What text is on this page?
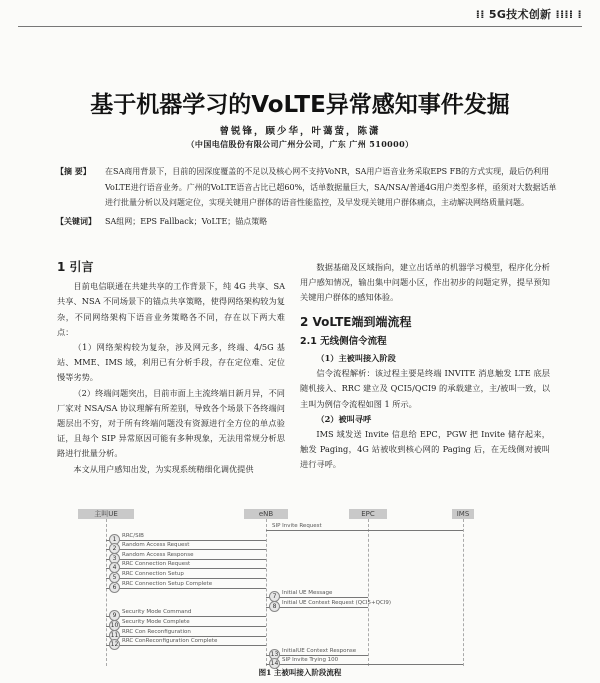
⁞⁞ 5G技术创新 ⁞⁞⁞⁞ ⁞
基于机器学习的VoLTE异常感知事件发掘
曾锐锋，顾少华，叶蔼萤，陈潇
（中国电信股份有限公司广州分公司，广东 广州 510000）
【摘 要】	在SA商用背景下，目前的因深度覆盖的不足以及核心网不支持VoNR，SA用户语音业务采取EPS FB的方式实现，最后仍利用VoLTE进行语音业务。广州的VoLTE语音占比已超60%，话单数据量巨大，SA/NSA/普通4G用户类型多样，亟须对大数据话单进行批量分析以及问题定位，实现关键用户群体的语音性能监控，及早发现关键用户群体痛点，主动解决网络质量问题。
【关键词】	SA组网；EPS Fallback；VoLTE；锚点策略

1 引言

目前电信联通在共建共享的工作背景下，纯 4G 共享、SA 共享、NSA 不同场景下的锚点共享策略，使得网络架构较为复杂，不同网络架构下语音业务策略各不同，存在以下两大难点：

（1）网络架构较为复杂，涉及网元多，终端、4/5G 基站、MME、IMS 域，利用已有分析手段，存在定位难、定位慢等劣势。

（2）终端问题突出，目前市面上主流终端日新月异，不同厂家对 NSA/SA 协议理解有所差别，导致各个场景下各终端问题层出不穷，对于所有终端问题没有资源进行全方位的单点验证，且每个 SIP 异常原因可能有多种现象，无法用常规分析思路进行批量分析。

本文从用户感知出发，为实现系统精细化调优提供

数据基础及区域指向，建立出话单的机器学习模型，程序化分析用户感知情况，输出集中问题小区，作出初步的问题定界，提早预知关键用户群体的感知体验。

2 VoLTE端到端流程

2.1 无线侧信令流程

（1）主被叫接入阶段

信令流程解析：该过程主要是终端 INVITE 消息触发 LTE 底层随机接入、RRC 建立及 QCI5/QCI9 的承载建立，主/被叫一致，以主叫为例信令流程如图 1 所示。

（2）被叫寻呼

IMS 域发送 Invite 信息给 EPC，PGW 把 Invite 储存起来，触发 Paging，4G 站被收到核心网的 Paging 后，在无线侧对被叫进行寻呼。

主叫UE	eNB	EPC	IMS
SIP Invite Request
1	RRC/SIB
2	Random Access Request
3	Random Access Response
4	RRC Connection Request
5	RRC Connection Setup
6	RRC Connection Setup Complete
7	Initial UE Message
8	Initial UE Context Request (QCI5+QCI9)
9	Security Mode Command
10 Security Mode Complete
11 RRC Con Reconfiguration
12 RRC ConReconfiguration Complete
13 InitialUE Context Response
14 SIP Invite Trying 100
图1 主被叫接入阶段流程
